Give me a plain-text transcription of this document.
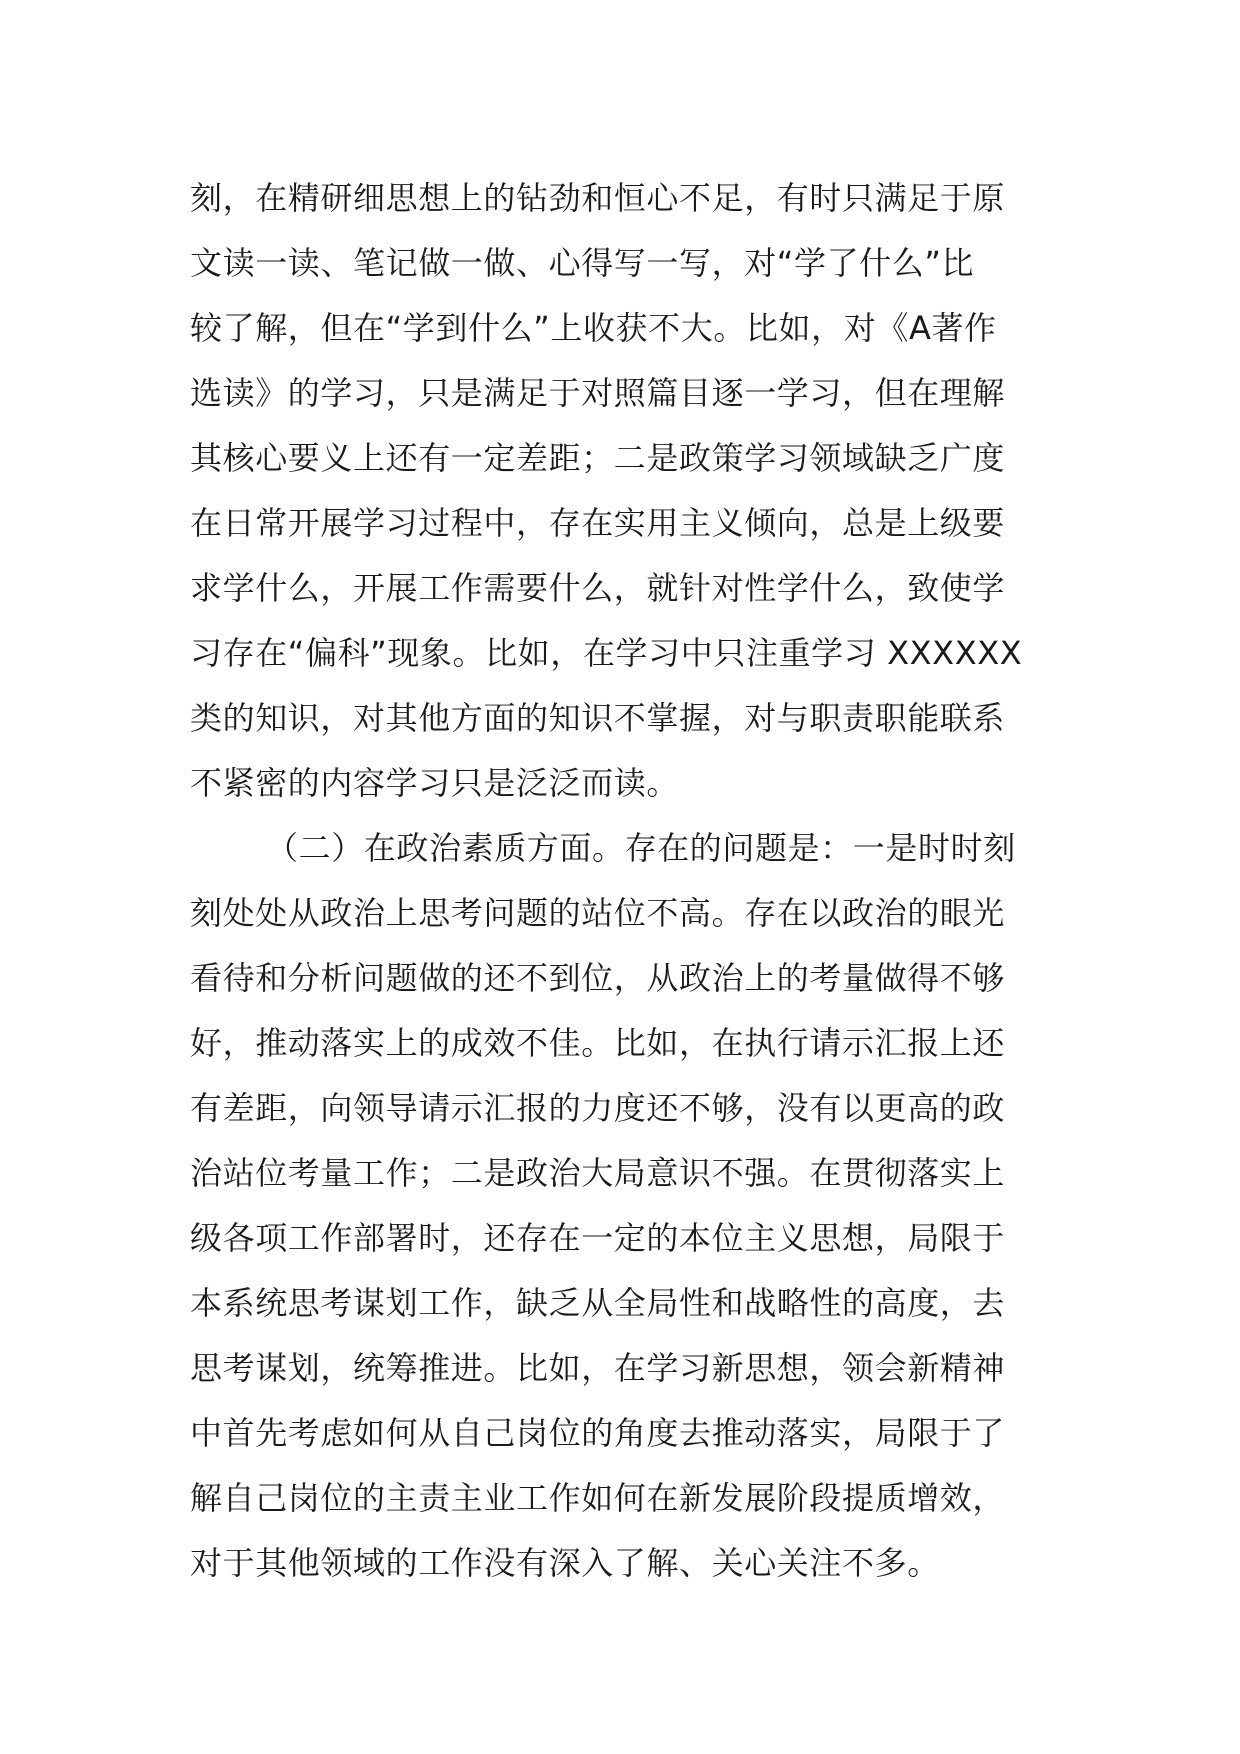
刻，在精研细思想上的钻劲和恒心不足，有时只满足于原
文读一读、笔记做一做、心得写一写，对“学了什么”比
较了解，但在“学到什么”上收获不大。比如，对《A著作
选读》的学习，只是满足于对照篇目逐一学习，但在理解
其核心要义上还有一定差距；二是政策学习领域缺乏广度
在日常开展学习过程中，存在实用主义倾向，总是上级要
求学什么，开展工作需要什么，就针对性学什么，致使学
习存在“偏科”现象。比如，在学习中只注重学习 XXXXXX
类的知识，对其他方面的知识不掌握，对与职责职能联系
不紧密的内容学习只是泛泛而读。
（二）在政治素质方面。存在的问题是：一是时时刻
刻处处从政治上思考问题的站位不高。存在以政治的眼光
看待和分析问题做的还不到位，从政治上的考量做得不够
好，推动落实上的成效不佳。比如，在执行请示汇报上还
有差距，向领导请示汇报的力度还不够，没有以更高的政
治站位考量工作；二是政治大局意识不强。在贯彻落实上
级各项工作部署时，还存在一定的本位主义思想，局限于
本系统思考谋划工作，缺乏从全局性和战略性的高度，去
思考谋划，统筹推进。比如，在学习新思想，领会新精神
中首先考虑如何从自己岗位的角度去推动落实，局限于了
解自己岗位的主责主业工作如何在新发展阶段提质增效，
对于其他领域的工作没有深入了解、关心关注不多。
